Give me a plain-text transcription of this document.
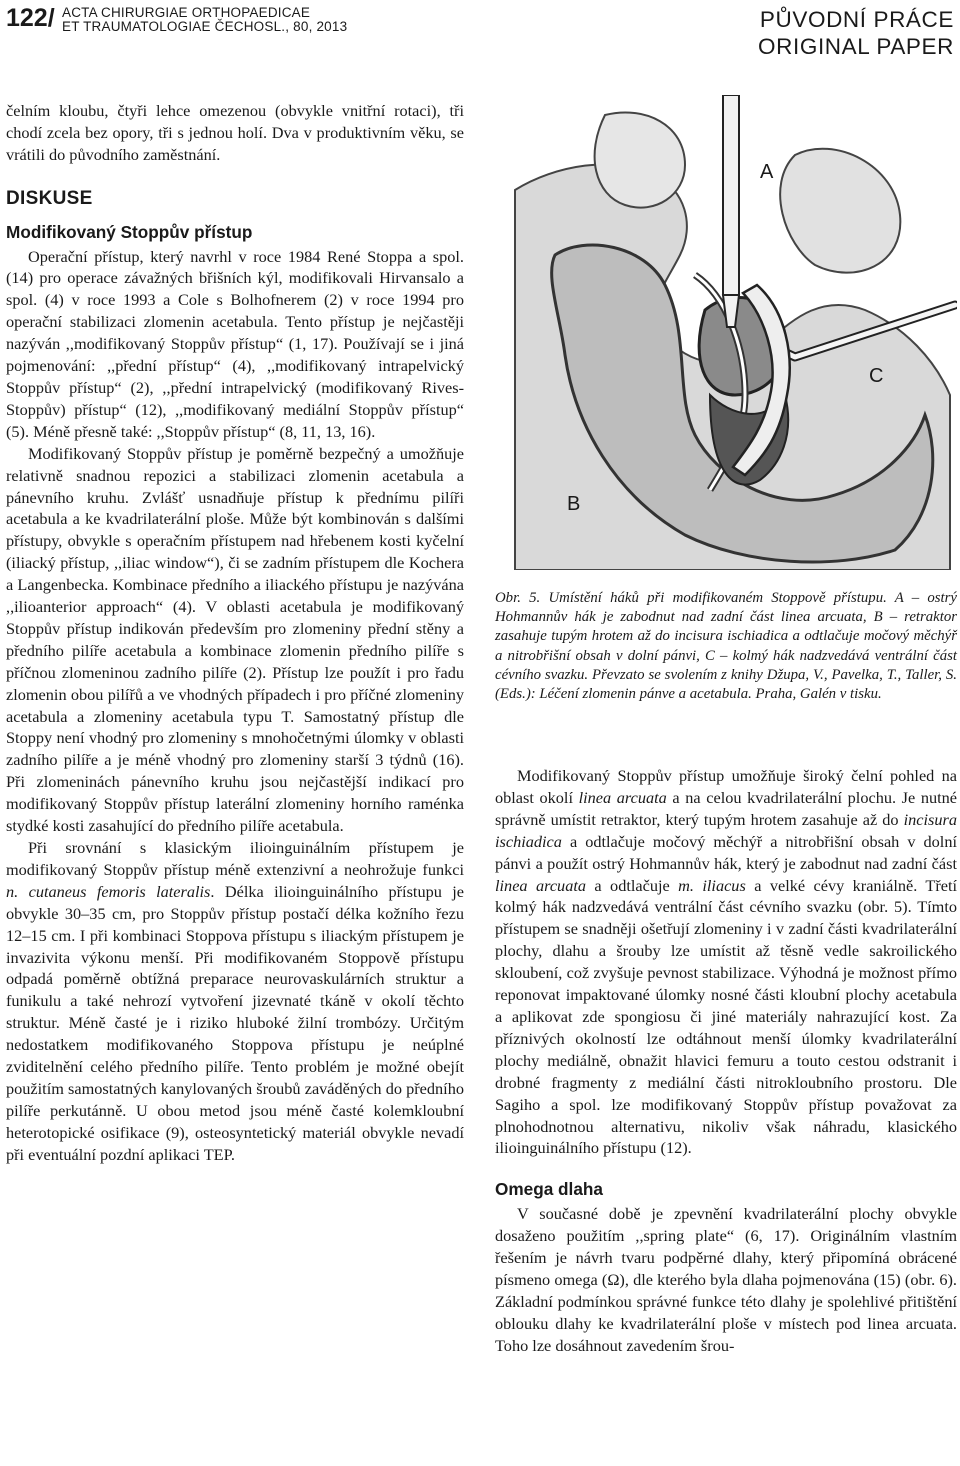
122/ ACTA CHIRURGIAE ORTHOPAEDICAE
ET TRAUMATOLOGIAE ČECHOSL., 80, 2013	PŮVODNÍ PRÁCE
ORIGINAL PAPER

čelním kloubu, čtyři lehce omezenou (obvykle vnitřní rotaci), tři chodí zcela bez opory, tři s jednou holí. Dva v produktivním věku, se vrátili do původního zaměstnání.

DISKUSE
Modifikovaný Stoppův přístup

Operační přístup, který navrhl v roce 1984 René Stoppa a spol. (14) pro operace závažných břišních kýl, modifikovali Hirvansalo a spol. (4) v roce 1993 a Cole s Bolhofnerem (2) v roce 1994 pro operační stabilizaci zlomenin acetabula. Tento přístup je nejčastěji nazýván ,,modifikovaný Stoppův přístup“ (1, 17). Používají se i jiná pojmenování: ,,přední přístup“ (4), ,,modifikovaný intrapelvický Stoppův přístup“ (2), ,,přední intrapelvický (modifikovaný Rives-Stoppův) přístup“ (12), ,,modifikovaný mediální Stoppův přístup“ (5). Méně přesně také: ,,Stoppův přístup“ (8, 11, 13, 16).

Modifikovaný Stoppův přístup je poměrně bezpečný a umožňuje relativně snadnou repozici a stabilizaci zlomenin acetabula a pánevního kruhu. Zvlášť usnadňuje přístup k přednímu pilíři acetabula a ke kvadrilaterální ploše. Může být kombinován s dalšími přístupy, obvykle s operačním přístupem nad hřebenem kosti kyčelní (iliacký přístup, ,,iliac window“), či se zadním přístupem dle Kochera a Langenbecka. Kombinace předního a iliackého přístupu je nazývána ,,ilioanterior approach“ (4). V oblasti acetabula je modifikovaný Stoppův přístup indikován především pro zlomeniny přední stěny a předního pilíře acetabula a kombinace zlomenin předního pilíře s příčnou zlomeninou zadního pilíře (2). Přístup lze použít i pro řadu zlomenin obou pilířů a ve vhodných případech i pro příčné zlomeniny acetabula a zlomeniny acetabula typu T. Samostatný přístup dle Stoppy není vhodný pro zlomeniny s mnohočetnými úlomky v oblasti zadního pilíře a je méně vhodný pro zlomeniny starší 3 týdnů (16). Při zlomeninách pánevního kruhu jsou nejčastější indikací pro modifikovaný Stoppův přístup laterální zlomeniny horního raménka stydké kosti zasahující do předního pilíře acetabula.

Při srovnání s klasickým ilioinguinálním přístupem je modifikovaný Stoppův přístup méně extenzivní a neohrožuje funkci n. cutaneus femoris lateralis. Délka ilioinguinálního přístupu je obvykle 30–35 cm, pro Stoppův přístup postačí délka kožního řezu 12–15 cm. I při kombinaci Stoppova přístupu s iliackým přístupem je invazivita výkonu menší. Při modifikovaném Stoppově přístupu odpadá poměrně obtížná preparace neurovaskulárních struktur a funikulu a také nehrozí vytvoření jizevnaté tkáně v okolí těchto struktur. Méně časté je i riziko hluboké žilní trombózy. Určitým nedostatkem modifikovaného Stoppova přístupu je neúplné zviditelnění celého předního pilíře. Tento problém je možné obejít použitím samostatných kanylovaných šroubů zaváděných do předního pilíře perkutánně. U obou metod jsou méně časté kolemkloubní heterotopické osifikace (9), osteosyntetický materiál obvykle nevadí při eventuální pozdní aplikaci TEP.

A
B
C
Obr. 5. Umístění háků při modifikovaném Stoppově přístupu. A – ostrý Hohmannův hák je zabodnut nad zadní část linea arcuata, B – retraktor zasahuje tupým hrotem až do incisura ischiadica a odtlačuje močový měchýř a nitrobřišní obsah v dolní pánvi, C – kolmý hák nadzvedává ventrální část cévního svazku. Převzato se svolením z knihy Džupa, V., Pavelka, T., Taller, S. (Eds.): Léčení zlomenin pánve a acetabula. Praha, Galén v tisku.

Modifikovaný Stoppův přístup umožňuje široký čelní pohled na oblast okolí linea arcuata a na celou kvadrilaterální plochu. Je nutné správně umístit retraktor, který tupým hrotem zasahuje až do incisura ischiadica a odtlačuje močový měchýř a nitrobřišní obsah v dolní pánvi a použít ostrý Hohmannův hák, který je zabodnut nad zadní část linea arcuata a odtlačuje m. iliacus a velké cévy kraniálně. Třetí kolmý hák nadzvedává ventrální část cévního svazku (obr. 5). Tímto přístupem se snadněji ošetřují zlomeniny i v zadní části kvadrilaterální plochy, dlahu a šrouby lze umístit až těsně vedle sakroilického skloubení, což zvyšuje pevnost stabilizace. Výhodná je možnost přímo reponovat impaktované úlomky nosné části kloubní plochy acetabula a aplikovat zde spongiosu či jiné materiály nahrazující kost. Za příznivých okolností lze odtáhnout menší úlomky kvadrilaterální plochy mediálně, obnažit hlavici femuru a touto cestou odstranit i drobné fragmenty z mediální části nitrokloubního prostoru. Dle Sagiho a spol. lze modifikovaný Stoppův přístup považovat za plnohodnotnou alternativu, nikoliv však náhradu, klasického ilioinguinálního přístupu (12).

Omega dlaha

V současné době je zpevnění kvadrilaterální plochy obvykle dosaženo použitím ,,spring plate“ (6, 17). Originálním vlastním řešením je návrh tvaru podpěrné dlahy, který připomíná obrácené písmeno omega (Ω), dle kterého byla dlaha pojmenována (15) (obr. 6). Základní podmínkou správné funkce této dlahy je spolehlivé přitištění oblouku dlahy ke kvadrilaterální ploše v místech pod linea arcuata. Toho lze dosáhnout zavedením šrou-
